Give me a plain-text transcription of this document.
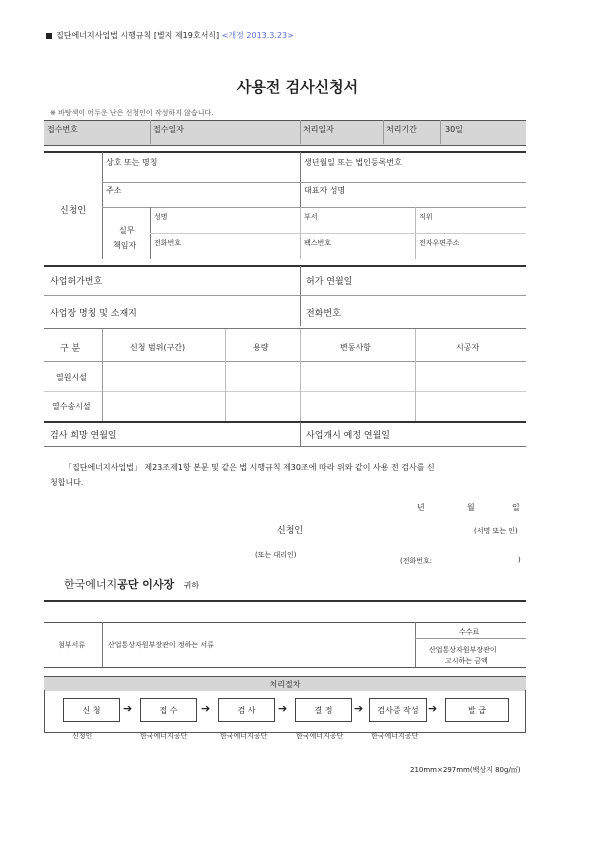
집단에너지사업법 시행규칙 [별지 제19호서식] <개정 2013.3.23>
사용전 검사신청서
※ 바탕색이 어두운 난은 신청인이 작성하지 않습니다.
접수번호	접수일자	처리일자	처리기간	30일
신청인
상호 또는 명칭	생년월일 또는 법인등록번호
주소	대표자 성명
실무
책임자
성명	부서	직위
전화번호	팩스번호	전자우편주소
사업허가번호	허가 연월일
사업장 명칭 및 소재지	전화번호
구 분	신청 범위(구간)	용량	변동사항	시공자
열원시설
열수송시설
검사 희망 연월일	사업개시 예정 연월일
「집단에너지사업법」 제23조제1항 본문 및 같은 법 시행규칙 제30조에 따라 위와 같이 사용 전 검사를 신
청합니다.
년	월	일
신청인	(서명 또는 인)
(또는 대리인)
(전화번호:	)
한국에너지공단 이사장 귀하
첨부서류	산업통상자원부장관이 정하는 서류
수수료
산업통상자원부장관이
고시하는 금액
처리절차
신 청	➔	접 수	➔	검 사	➔	결 정	➔	검사증 작성 ➔	발 급
신청인	한국에너지공단	한국에너지공단	한국에너지공단	한국에너지공단
210mm×297mm(백상지 80g/㎡)
